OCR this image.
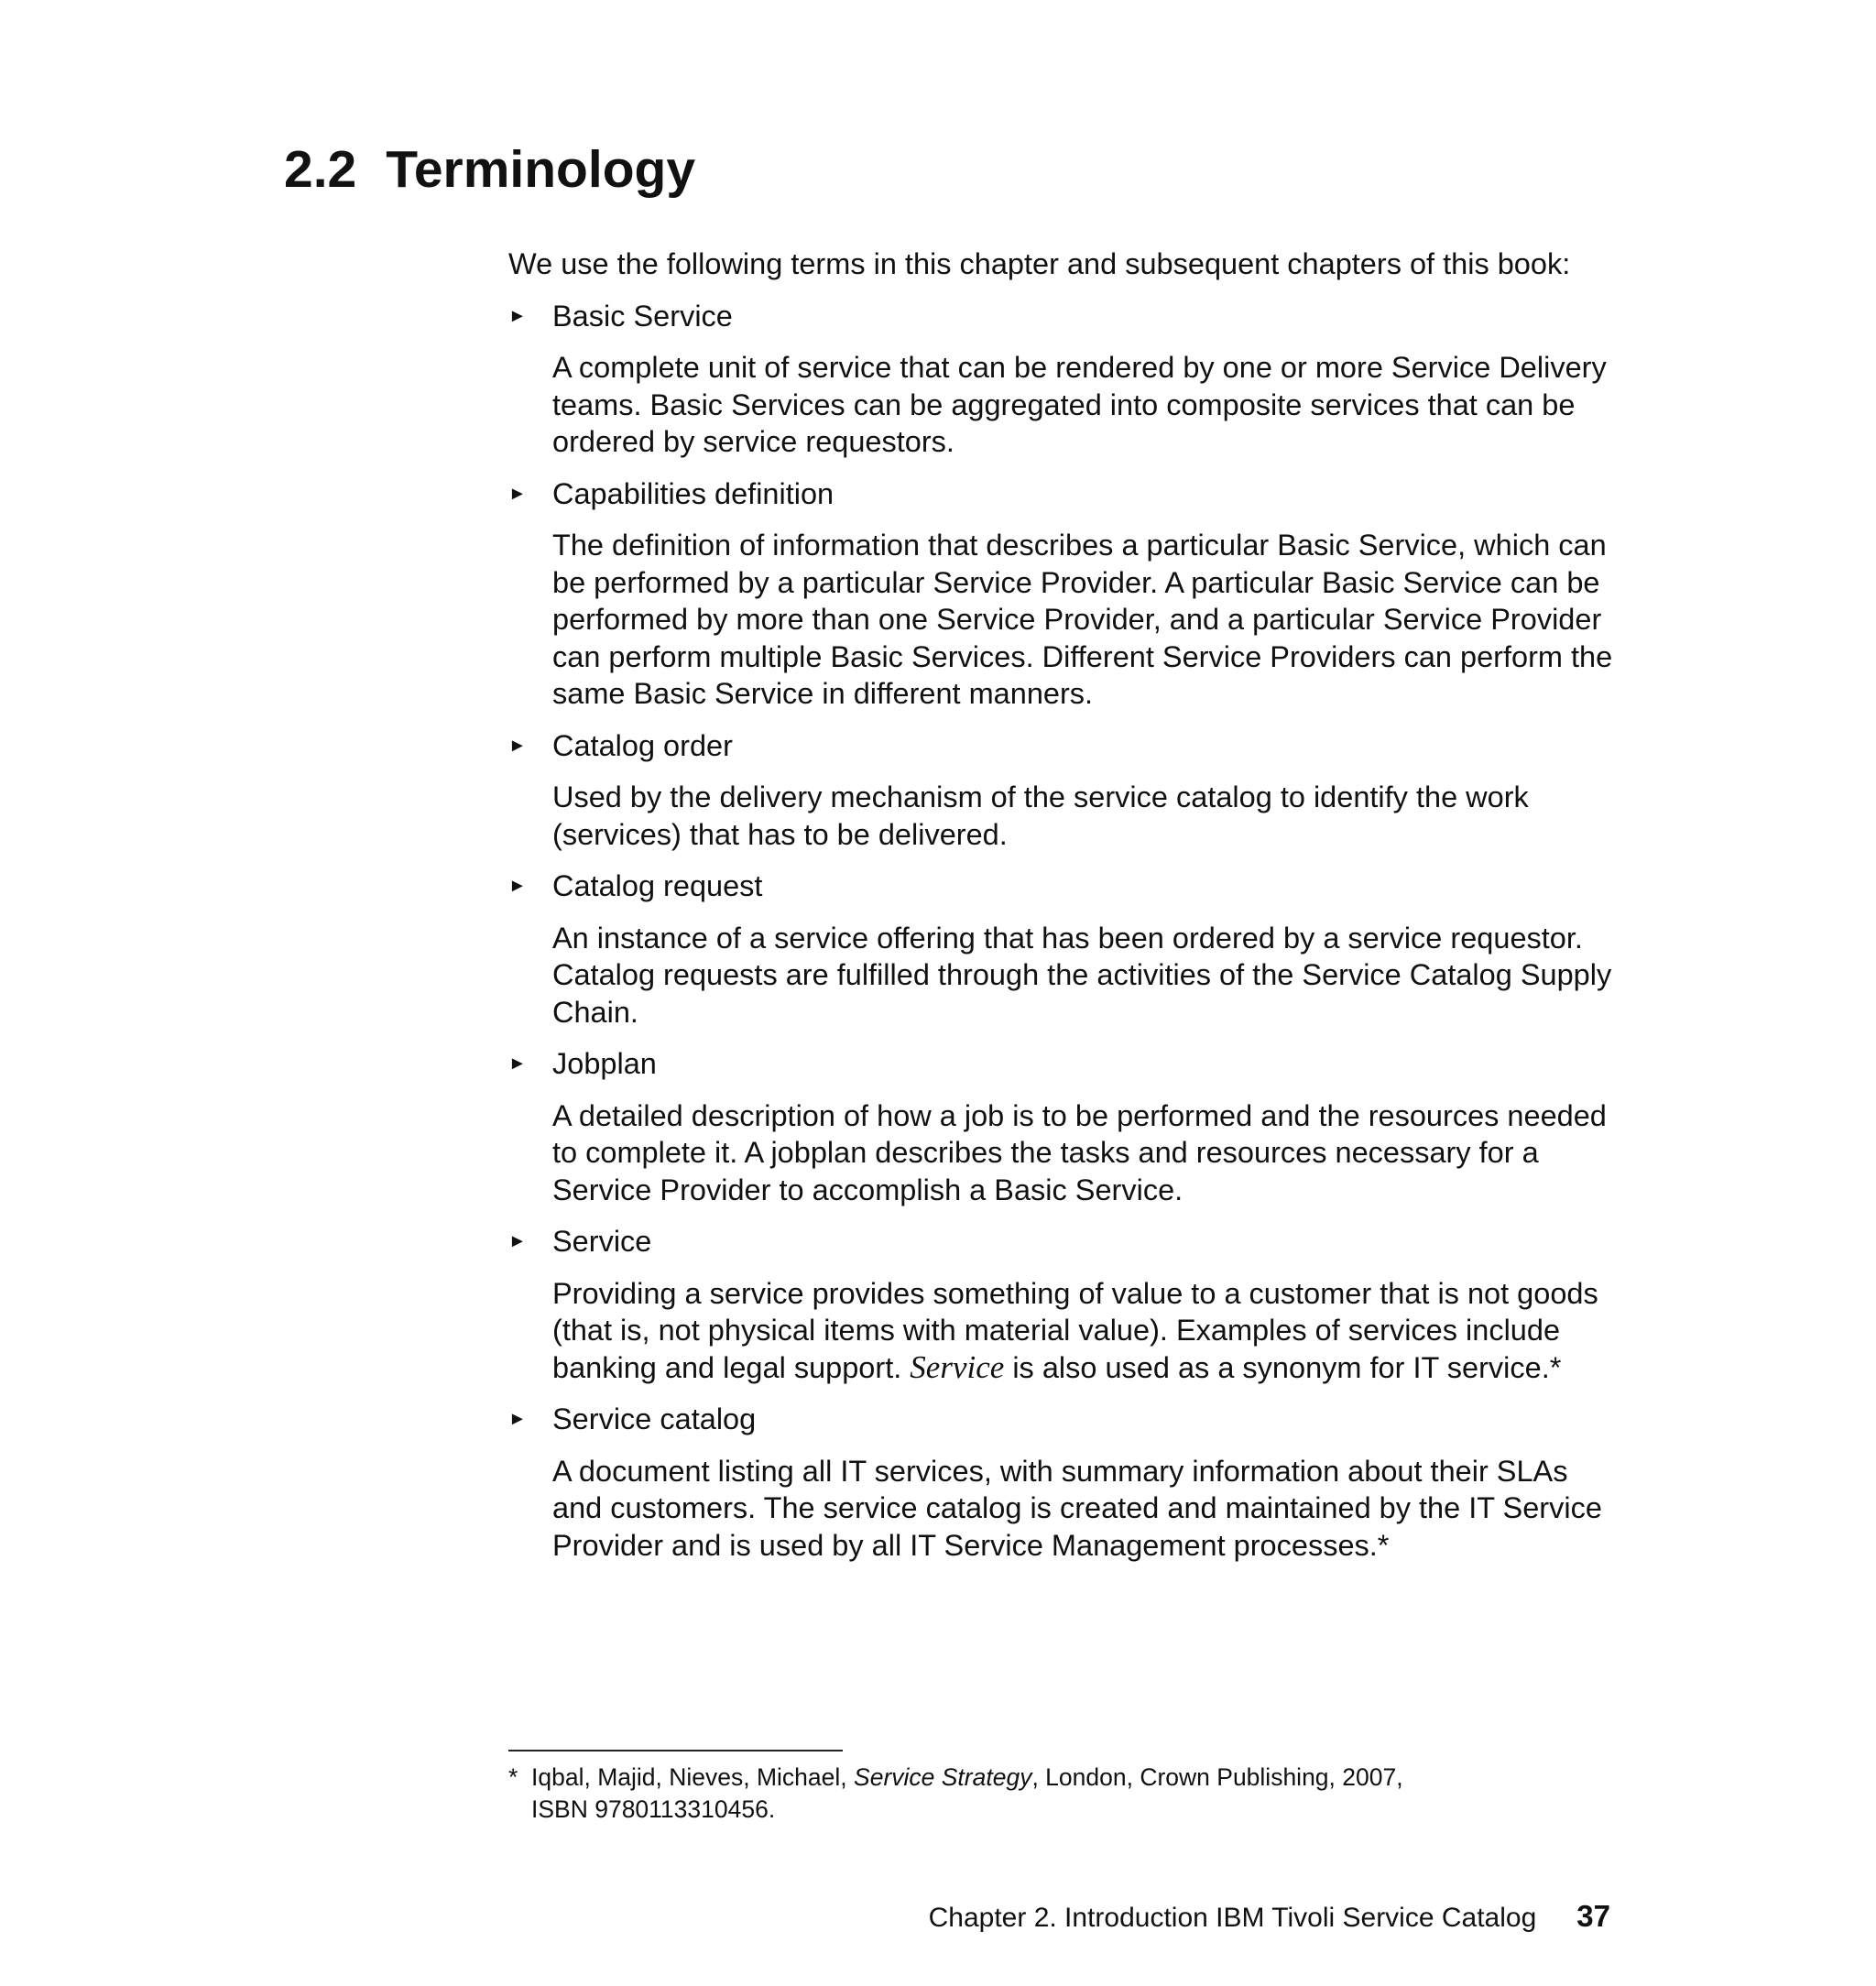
2.2 Terminology

We use the following terms in this chapter and subsequent chapters of this book:

► Basic Service

A complete unit of service that can be rendered by one or more Service Delivery teams. Basic Services can be aggregated into composite services that can be ordered by service requestors.

► Capabilities definition

The definition of information that describes a particular Basic Service, which can be performed by a particular Service Provider. A particular Basic Service can be performed by more than one Service Provider, and a particular Service Provider can perform multiple Basic Services. Different Service Providers can perform the same Basic Service in different manners.

► Catalog order

Used by the delivery mechanism of the service catalog to identify the work (services) that has to be delivered.

► Catalog request

An instance of a service offering that has been ordered by a service requestor. Catalog requests are fulfilled through the activities of the Service Catalog Supply Chain.

► Jobplan

A detailed description of how a job is to be performed and the resources needed to complete it. A jobplan describes the tasks and resources necessary for a Service Provider to accomplish a Basic Service.

► Service

Providing a service provides something of value to a customer that is not goods (that is, not physical items with material value). Examples of services include banking and legal support. Service is also used as a synonym for IT service.*

► Service catalog

A document listing all IT services, with summary information about their SLAs and customers. The service catalog is created and maintained by the IT Service Provider and is used by all IT Service Management processes.*

* Iqbal, Majid, Nieves, Michael, Service Strategy, London, Crown Publishing, 2007,
ISBN 9780113310456.
Chapter 2. Introduction IBM Tivoli Service Catalog 37
